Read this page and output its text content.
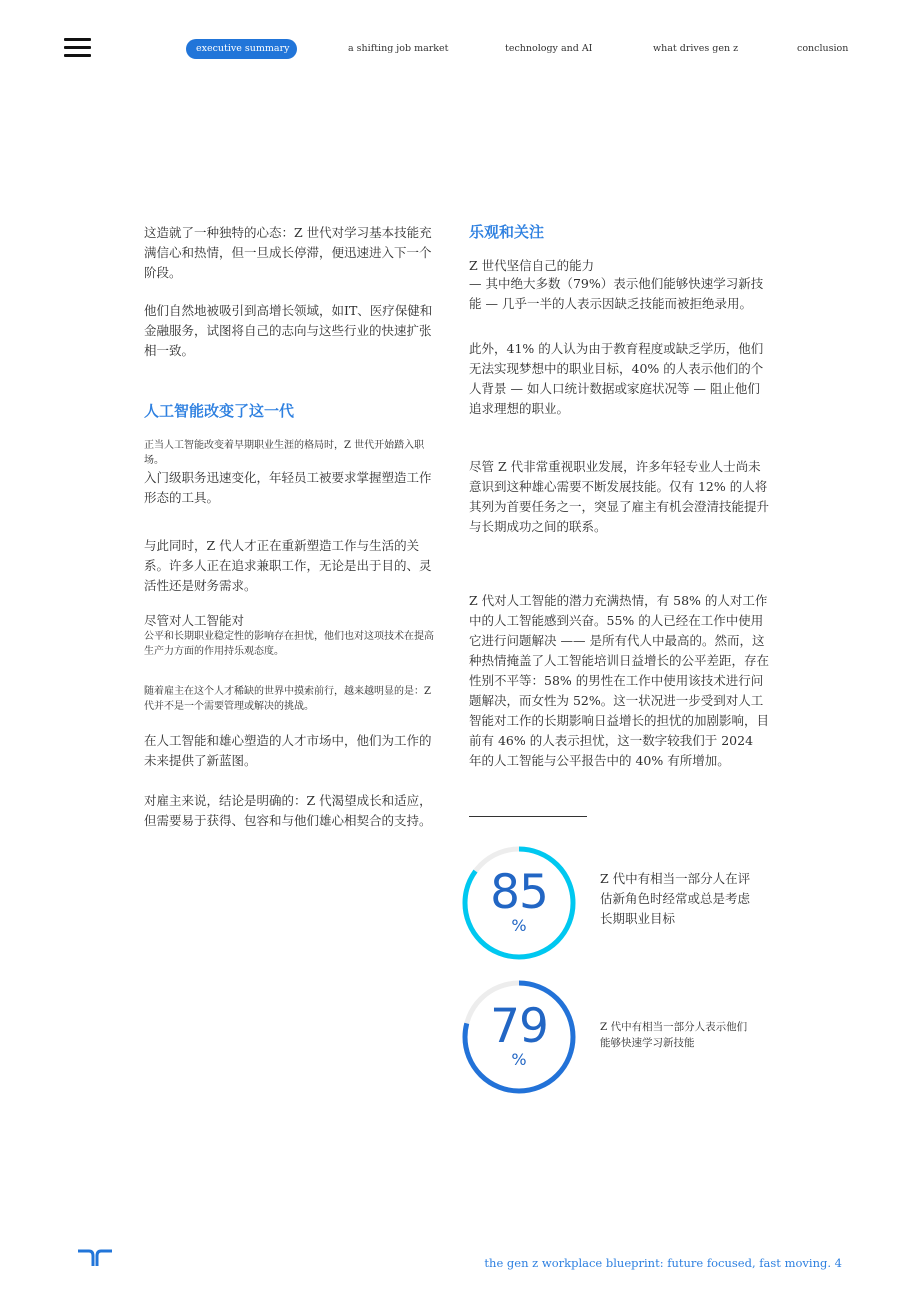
executive summary	a shifting job market	technology and AI	what drives gen z	conclusion

这造就了一种独特的心态：Z 世代对学习基本技能充满信心和热情，但一旦成长停滞，便迅速进入下一个阶段。

他们自然地被吸引到高增长领域，如IT、医疗保健和金融服务，试图将自己的志向与这些行业的快速扩张相一致。

人工智能改变了这一代

正当人工智能改变着早期职业生涯的格局时，Z 世代开始踏入职场。

入门级职务迅速变化，年轻员工被要求掌握塑造工作形态的工具。

与此同时，Z 代人才正在重新塑造工作与生活的关系。许多人正在追求兼职工作，无论是出于目的、灵活性还是财务需求。

尽管对人工智能对

公平和长期职业稳定性的影响存在担忧，他们也对这项技术在提高生产力方面的作用持乐观态度。

随着雇主在这个人才稀缺的世界中摸索前行，越来越明显的是：Z 代并不是一个需要管理或解决的挑战。

在人工智能和雄心塑造的人才市场中，他们为工作的未来提供了新蓝图。

对雇主来说，结论是明确的：Z 代渴望成长和适应，但需要易于获得、包容和与他们雄心相契合的支持。

乐观和关注

Z 世代坚信自己的能力

— 其中绝大多数（79%）表示他们能够快速学习新技能 — 几乎一半的人表示因缺乏技能而被拒绝录用。

此外，41% 的人认为由于教育程度或缺乏学历，他们无法实现梦想中的职业目标，40% 的人表示他们的个人背景 — 如人口统计数据或家庭状况等 — 阻止他们追求理想的职业。

尽管 Z 代非常重视职业发展，许多年轻专业人士尚未意识到这种雄心需要不断发展技能。仅有 12% 的人将其列为首要任务之一，突显了雇主有机会澄清技能提升与长期成功之间的联系。

Z 代对人工智能的潜力充满热情，有 58% 的人对工作中的人工智能感到兴奋。55% 的人已经在工作中使用它进行问题解决 —— 是所有代人中最高的。然而，这种热情掩盖了人工智能培训日益增长的公平差距，存在性别不平等：58% 的男性在工作中使用该技术进行问题解决，而女性为 52%。这一状况进一步受到对人工智能对工作的长期影响日益增长的担忧的加剧影响，目前有 46% 的人表示担忧，这一数字较我们于 2024 年的人工智能与公平报告中的 40% 有所增加。

85
%

Z 代中有相当一部分人在评估新角色时经常或总是考虑长期职业目标

79
%

Z 代中有相当一部分人表示他们能够快速学习新技能

the gen z workplace blueprint: future focused, fast moving. 4
